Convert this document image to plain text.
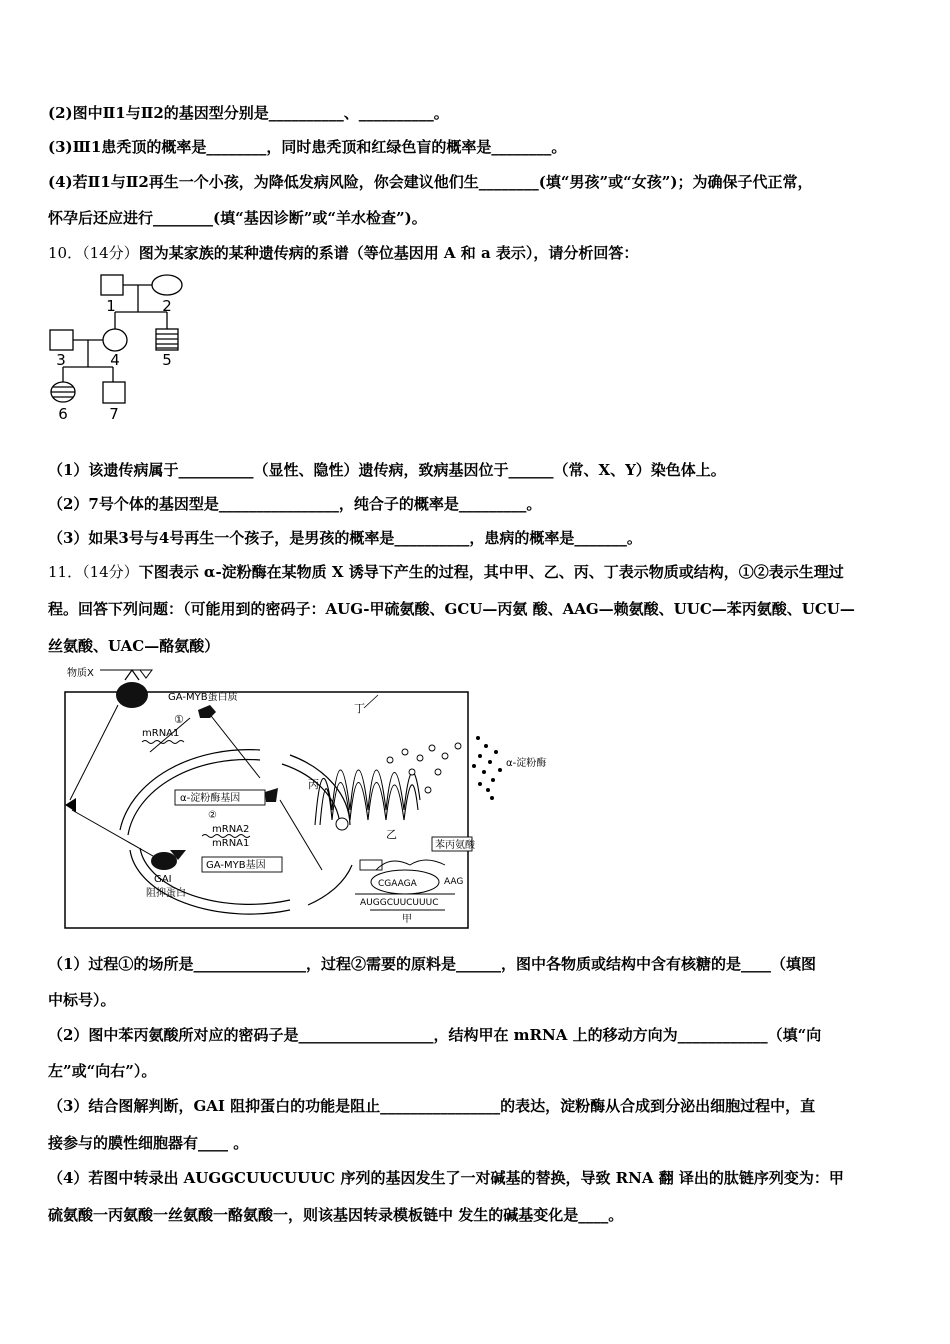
(2)图中Ⅱ1与Ⅱ2的基因型分别是__________、__________。
(3)Ⅲ1患秃顶的概率是________，同时患秃顶和红绿色盲的概率是________。
(4)若Ⅱ1与Ⅱ2再生一个小孩，为降低发病风险，你会建议他们生________(填“男孩”或“女孩”)；为确保子代正常，
怀孕后还应进行________(填“基因诊断”或“羊水检查”)。
10．（14分）图为某家族的某种遗传病的系谱（等位基因用 A 和 a 表示），请分析回答：
1	2
3	4	5
6	7
（1）该遗传病属于__________（显性、隐性）遗传病，致病基因位于______（常、X、Y）染色体上。
（2）7号个体的基因型是________________，纯合子的概率是_________。
（3）如果3号与4号再生一个孩子，是男孩的概率是__________，患病的概率是_______。
11．（14分）下图表示 α-淀粉酶在某物质 X 诱导下产生的过程，其中甲、乙、丙、丁表示物质或结构，①②表示生理过
程。回答下列问题：（可能用到的密码子：AUG-甲硫氨酸、GCU—丙氨 酸、AAG—赖氨酸、UUC—苯丙氨酸、UCU—
丝氨酸、UAC—酪氨酸）
物质X
GA-MYB蛋白质
①
mRNA1
丁
α-淀粉酶基因
②
mRNA2
mRNA1
GA-MYB基因
GAI
阻抑蛋白
丙
乙
α-淀粉酶
苯丙氨酸
CGAAGA	AAG
AUGGCUUCUUUC
甲
（1）过程①的场所是_______________，过程②需要的原料是______，图中各物质或结构中含有核糖的是____（填图
中标号）。
（2）图中苯丙氨酸所对应的密码子是__________________，结构甲在 mRNA 上的移动方向为____________（填“向
左”或“向右”）。
（3）结合图解判断，GAI 阻抑蛋白的功能是阻止________________的表达，淀粉酶从合成到分泌出细胞过程中，直
接参与的膜性细胞器有____ 。
（4）若图中转录出 AUGGCUUCUUUC 序列的基因发生了一对碱基的替换，导致 RNA 翻 译出的肽链序列变为：甲
硫氨酸一丙氨酸一丝氨酸一酪氨酸一，则该基因转录模板链中 发生的碱基变化是____。
